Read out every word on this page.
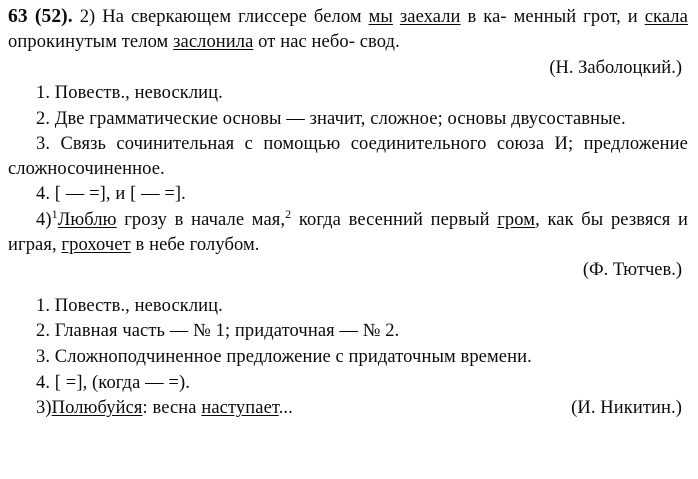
63 (52). 2) На сверкающем глиссере белом мы заехали в ка- менный грот, и скала опрокинутым телом заслонила от нас небо- свод.

(Н. Заболоцкий.)

1. Повеств., невосклиц.

2. Две грамматические основы — значит, сложное; основы двусоставные.

3. Связь сочинительная с помощью соединительного союза И; предложение сложносочиненное.

4. [ — =], и [ — =].

4)$^1$Люблю грозу в начале мая,$^2$ когда весенний первый гром, как бы резвяся и играя, грохочет в небе голубом.

(Ф. Тютчев.)

1. Повеств., невосклиц.

2. Главная часть — № 1; придаточная — № 2.

3. Сложноподчиненное предложение с придаточным времени.

4. [ =], (когда — =).

3)Полюбуйся: весна наступает...	(И. Никитин.)
